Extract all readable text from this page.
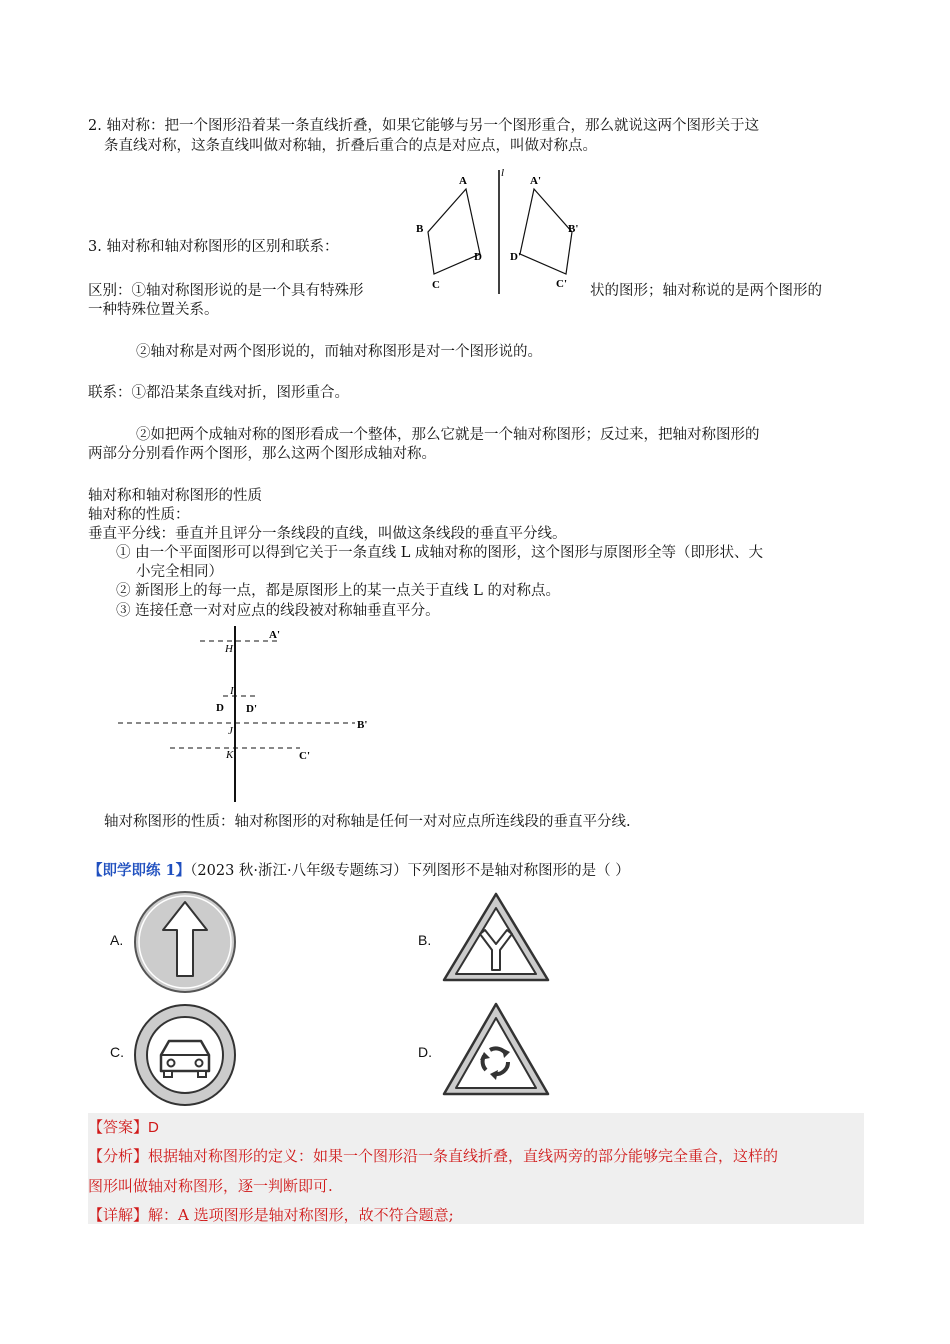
2. 轴对称：把一个图形沿着某一条直线折叠，如果它能够与另一个图形重合，那么就说这两个图形关于这
条直线对称，这条直线叫做对称轴，折叠后重合的点是对应点，叫做对称点。
l
A
B
D
C
A'
B'
D'
C'
3. 轴对称和轴对称图形的区别和联系：
区别：①轴对称图形说的是一个具有特殊形	状的图形；轴对称说的是两个图形的
一种特殊位置关系。
②轴对称是对两个图形说的，而轴对称图形是对一个图形说的。
联系：①都沿某条直线对折，图形重合。
②如把两个成轴对称的图形看成一个整体，那么它就是一个轴对称图形；反过来，把轴对称图形的
两部分分别看作两个图形，那么这两个图形成轴对称。
轴对称和轴对称图形的性质
轴对称的性质：
垂直平分线：垂直并且评分一条线段的直线，叫做这条线段的垂直平分线。
① 由一个平面图形可以得到它关于一条直线 L 成轴对称的图形，这个图形与原图形全等（即形状、大
小完全相同）
② 新图形上的每一点，都是原图形上的某一点关于直线 L 的对称点。
③ 连接任意一对对应点的线段被对称轴垂直平分。
A'
H
I
D D'
J	B'
K	C'
轴对称图形的性质：轴对称图形的对称轴是任何一对对应点所连线段的垂直平分线.
【即学即练 1】（2023 秋·浙江·八年级专题练习）下列图形不是轴对称图形的是（ ）
A.	B.
C.	D.
【答案】D
【分析】根据轴对称图形的定义：如果一个图形沿一条直线折叠，直线两旁的部分能够完全重合，这样的
图形叫做轴对称图形，逐一判断即可.
【详解】解：A 选项图形是轴对称图形，故不符合题意;
